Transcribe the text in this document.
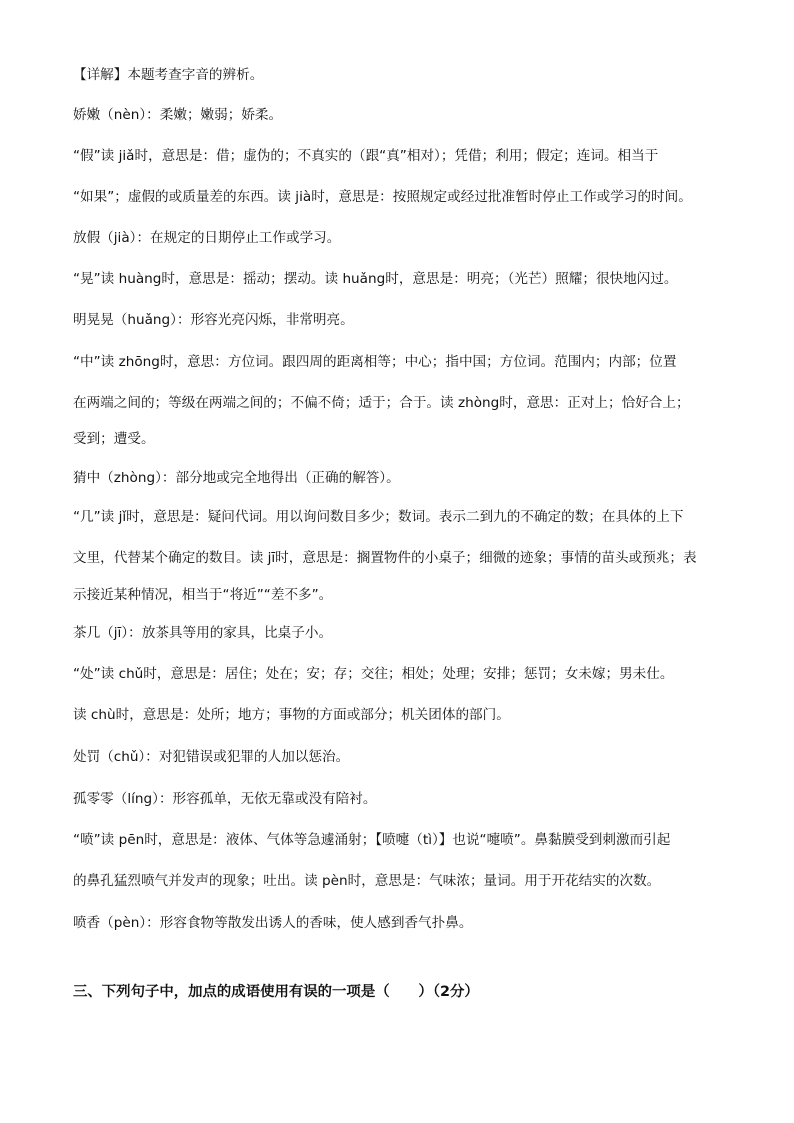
【详解】本题考查字音的辨析。
娇嫩（nèn）：柔嫩；嫩弱；娇柔。
“假”读 jiǎ时，意思是：借；虚伪的；不真实的（跟“真”相对）；凭借；利用；假定；连词。相当于
“如果”；虚假的或质量差的东西。读 jià时，意思是：按照规定或经过批准暂时停止工作或学习的时间。
放假（jià）：在规定的日期停止工作或学习。
“晃”读 huàng时，意思是：摇动；摆动。读 huǎng时，意思是：明亮；（光芒）照耀；很快地闪过。
明晃晃（huǎng）：形容光亮闪烁，非常明亮。
“中”读 zhōng时，意思：方位词。跟四周的距离相等；中心；指中国；方位词。范围内；内部；位置
在两端之间的；等级在两端之间的；不偏不倚；适于；合于。读 zhòng时，意思：正对上；恰好合上；
受到；遭受。
猜中（zhòng）：部分地或完全地得出（正确的解答）。
“几”读 jǐ时，意思是：疑问代词。用以询问数目多少；数词。表示二到九的不确定的数；在具体的上下
文里，代替某个确定的数目。读 jī时，意思是：搁置物件的小桌子；细微的迹象；事情的苗头或预兆；表
示接近某种情况，相当于“将近”“差不多”。
茶几（jī）：放茶具等用的家具，比桌子小。
“处”读 chǔ时，意思是：居住；处在；安；存；交往；相处；处理；安排；惩罚；女未嫁；男未仕。
读 chù时，意思是：处所；地方；事物的方面或部分；机关团体的部门。
处罚（chǔ）：对犯错误或犯罪的人加以惩治。
孤零零（líng）：形容孤单，无依无靠或没有陪衬。
“喷”读 pēn时，意思是：液体、气体等急遽涌射；【喷嚏（tì）】也说“嚏喷”。鼻黏膜受到刺激而引起
的鼻孔猛烈喷气并发声的现象；吐出。读 pèn时，意思是：气味浓；量词。用于开花结实的次数。
喷香（pèn）：形容食物等散发出诱人的香味，使人感到香气扑鼻。
三、下列句子中，加点的成语使用有误的一项是（　　）（2分）
